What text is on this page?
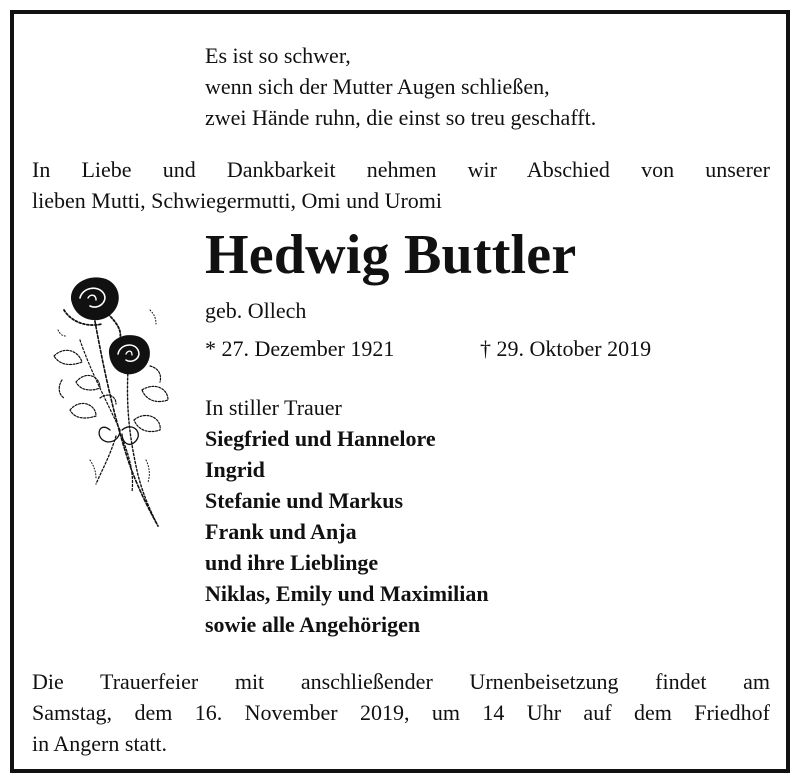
Es ist so schwer,
wenn sich der Mutter Augen schließen,
zwei Hände ruhn, die einst so treu geschafft.
In Liebe und Dankbarkeit nehmen wir Abschied von unserer
lieben Mutti, Schwiegermutti, Omi und Uromi
Hedwig Buttler
geb. Ollech
* 27. Dezember 1921	† 29. Oktober 2019
In stiller Trauer
Siegfried und Hannelore
Ingrid
Stefanie und Markus
Frank und Anja
und ihre Lieblinge
Niklas, Emily und Maximilian
sowie alle Angehörigen
Die Trauerfeier mit anschließender Urnenbeisetzung findet am
Samstag, dem 16. November 2019, um 14 Uhr auf dem Friedhof
in Angern statt.
